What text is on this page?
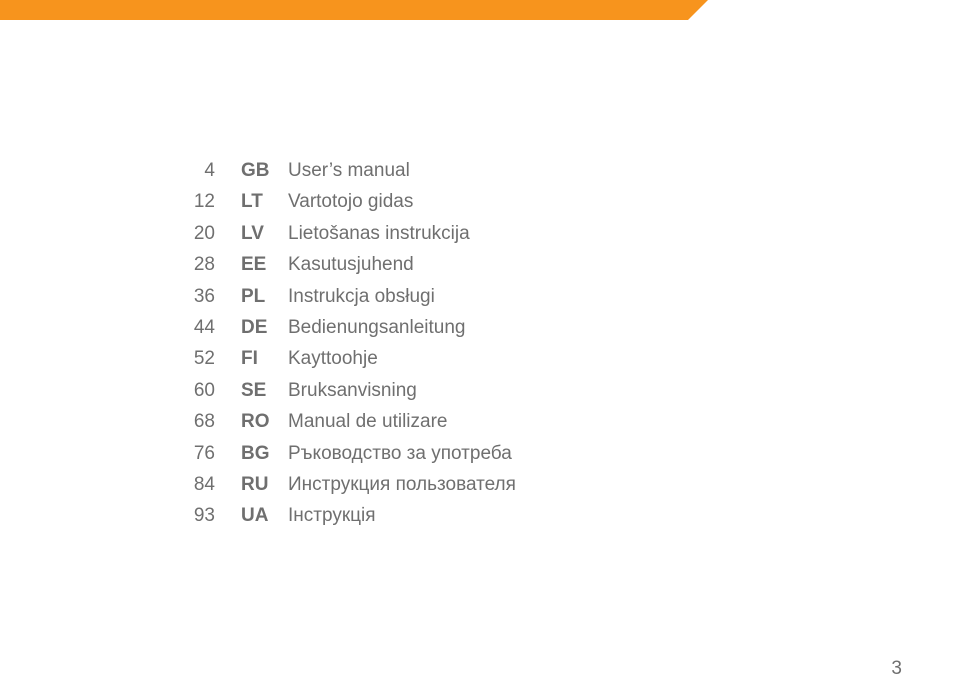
4 GB User’s manual
12 LT Vartotojo gidas
20 LV Lietošanas instrukcija
28 EE Kasutusjuhend
36 PL Instrukcja obsługi
44 DE Bedienungsanleitung
52 FI	Kayttoohje
60 SE Bruksanvisning
68 RO Manual de utilizare
76 BG Ръководство за употреба
84 RU Инструкция пользователя
93 UA Інструкція
3
